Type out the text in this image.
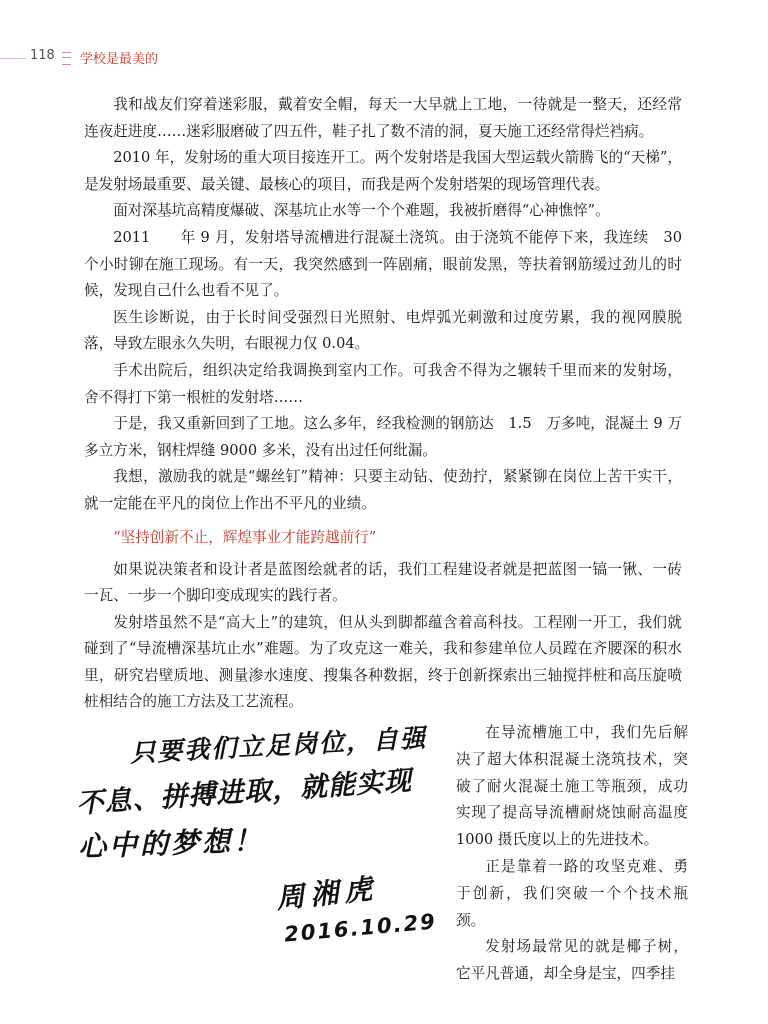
118 学校是最美的

我和战友们穿着迷彩服，戴着安全帽，每天一大早就上工地，一待就是一整天，还经常连夜赶进度……迷彩服磨破了四五件，鞋子扎了数不清的洞，夏天施工还经常得烂裆病。

2010 年，发射场的重大项目接连开工。两个发射塔是我国大型运载火箭腾飞的“天梯”，是发射场最重要、最关键、最核心的项目，而我是两个发射塔架的现场管理代表。

面对深基坑高精度爆破、深基坑止水等一个个难题，我被折磨得“心神憔悴”。

2011　　年 9 月，发射塔导流槽进行混凝土浇筑。由于浇筑不能停下来，我连续　30 个小时铆在施工现场。有一天，我突然感到一阵剧痛，眼前发黑，等扶着钢筋缓过劲儿的时候，发现自己什么也看不见了。

医生诊断说，由于长时间受强烈日光照射、电焊弧光刺激和过度劳累，我的视网膜脱落，导致左眼永久失明，右眼视力仅 0.04。

手术出院后，组织决定给我调换到室内工作。可我舍不得为之辗转千里而来的发射场，舍不得打下第一根桩的发射塔……

于是，我又重新回到了工地。这么多年，经我检测的钢筋达　1.5　万多吨，混凝土 9 万多立方米，钢柱焊缝 9000 多米，没有出过任何纰漏。

我想，激励我的就是“螺丝钉”精神：只要主动钻、使劲拧，紧紧铆在岗位上苦干实干，就一定能在平凡的岗位上作出不平凡的业绩。

“坚持创新不止，辉煌事业才能跨越前行”

如果说决策者和设计者是蓝图绘就者的话，我们工程建设者就是把蓝图一镐一锹、一砖一瓦、一步一个脚印变成现实的践行者。

发射塔虽然不是“高大上”的建筑，但从头到脚都蕴含着高科技。工程刚一开工，我们就碰到了“导流槽深基坑止水”难题。为了攻克这一难关，我和参建单位人员蹚在齐腰深的积水里，研究岩壁质地、测量渗水速度、搜集各种数据，终于创新探索出三轴搅拌桩和高压旋喷桩相结合的施工方法及工艺流程。

只要我们立足岗位，自强
不息、拼搏进取，就能实现
心中的梦想！
周湘虎
2016.10.29

在导流槽施工中，我们先后解决了超大体积混凝土浇筑技术，突破了耐火混凝土施工等瓶颈，成功实现了提高导流槽耐烧蚀耐高温度 1000 摄氏度以上的先进技术。

正是靠着一路的攻坚克难、勇于创新，我们突破一个个技术瓶颈。

发射场最常见的就是椰子树，它平凡普通，却全身是宝，四季挂
